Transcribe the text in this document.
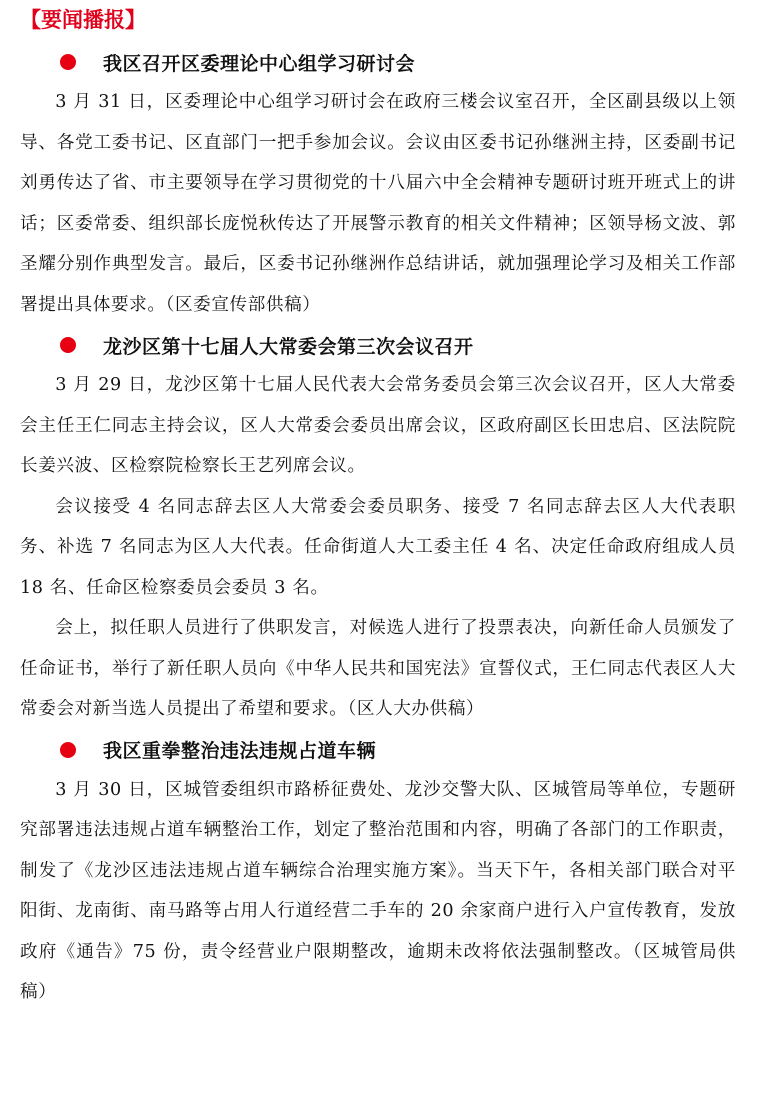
【要闻播报】
我区召开区委理论中心组学习研讨会

3 月 31 日，区委理论中心组学习研讨会在政府三楼会议室召开，全区副县级以上领导、各党工委书记、区直部门一把手参加会议。会议由区委书记孙继洲主持，区委副书记刘勇传达了省、市主要领导在学习贯彻党的十八届六中全会精神专题研讨班开班式上的讲话；区委常委、组织部长庞悦秋传达了开展警示教育的相关文件精神；区领导杨文波、郭圣耀分别作典型发言。最后，区委书记孙继洲作总结讲话，就加强理论学习及相关工作部署提出具体要求。（区委宣传部供稿）

龙沙区第十七届人大常委会第三次会议召开

3 月 29 日，龙沙区第十七届人民代表大会常务委员会第三次会议召开，区人大常委会主任王仁同志主持会议，区人大常委会委员出席会议，区政府副区长田忠启、区法院院长姜兴波、区检察院检察长王艺列席会议。

会议接受 4 名同志辞去区人大常委会委员职务、接受 7 名同志辞去区人大代表职务、补选 7 名同志为区人大代表。任命街道人大工委主任 4 名、决定任命政府组成人员 18 名、任命区检察委员会委员 3 名。

会上，拟任职人员进行了供职发言，对候选人进行了投票表决，向新任命人员颁发了任命证书，举行了新任职人员向《中华人民共和国宪法》宣誓仪式，王仁同志代表区人大常委会对新当选人员提出了希望和要求。（区人大办供稿）

我区重拳整治违法违规占道车辆

3 月 30 日，区城管委组织市路桥征费处、龙沙交警大队、区城管局等单位，专题研究部署违法违规占道车辆整治工作，划定了整治范围和内容，明确了各部门的工作职责，制发了《龙沙区违法违规占道车辆综合治理实施方案》。当天下午，各相关部门联合对平阳街、龙南街、南马路等占用人行道经营二手车的 20 余家商户进行入户宣传教育，发放政府《通告》75 份，责令经营业户限期整改，逾期未改将依法强制整改。（区城管局供稿）
